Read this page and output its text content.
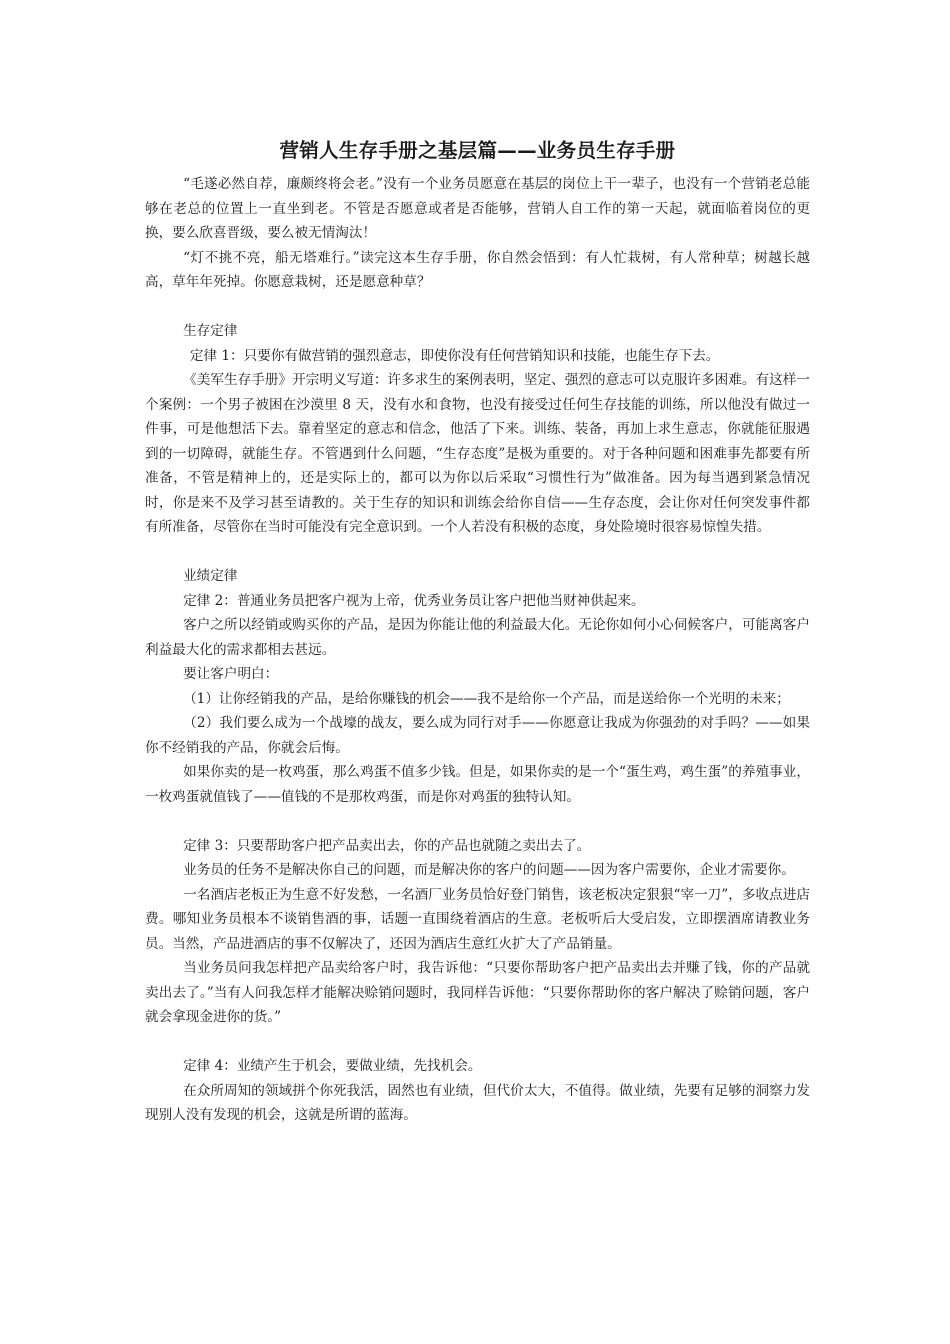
营销人生存手册之基层篇——业务员生存手册

“毛遂必然自荐，廉颇终将会老。”没有一个业务员愿意在基层的岗位上干一辈子，也没有一个营销老总能够在老总的位置上一直坐到老。不管是否愿意或者是否能够，营销人自工作的第一天起，就面临着岗位的更换，要么欣喜晋级，要么被无情淘汰！

“灯不挑不亮，船无塔难行。”读完这本生存手册，你自然会悟到：有人忙栽树，有人常种草；树越长越高，草年年死掉。你愿意栽树，还是愿意种草？

生存定律

定律 1：只要你有做营销的强烈意志，即使你没有任何营销知识和技能，也能生存下去。

《美军生存手册》开宗明义写道：许多求生的案例表明，坚定、强烈的意志可以克服许多困难。有这样一个案例：一个男子被困在沙漠里 8 天，没有水和食物，也没有接受过任何生存技能的训练，所以他没有做过一件事，可是他想活下去。靠着坚定的意志和信念，他活了下来。训练、装备，再加上求生意志，你就能征服遇到的一切障碍，就能生存。不管遇到什么问题，“生存态度”是极为重要的。对于各种问题和困难事先都要有所准备，不管是精神上的，还是实际上的，都可以为你以后采取“习惯性行为”做准备。因为每当遇到紧急情况时，你是来不及学习甚至请教的。关于生存的知识和训练会给你自信——生存态度，会让你对任何突发事件都有所准备，尽管你在当时可能没有完全意识到。一个人若没有积极的态度，身处险境时很容易惊惶失措。

业绩定律

定律 2：普通业务员把客户视为上帝，优秀业务员让客户把他当财神供起来。

客户之所以经销或购买你的产品，是因为你能让他的利益最大化。无论你如何小心伺候客户，可能离客户利益最大化的需求都相去甚远。

要让客户明白：

（1）让你经销我的产品，是给你赚钱的机会——我不是给你一个产品，而是送给你一个光明的未来；

（2）我们要么成为一个战壕的战友，要么成为同行对手——你愿意让我成为你强劲的对手吗？——如果你不经销我的产品，你就会后悔。

如果你卖的是一枚鸡蛋，那么鸡蛋不值多少钱。但是，如果你卖的是一个“蛋生鸡，鸡生蛋”的养殖事业，一枚鸡蛋就值钱了——值钱的不是那枚鸡蛋，而是你对鸡蛋的独特认知。

定律 3：只要帮助客户把产品卖出去，你的产品也就随之卖出去了。

业务员的任务不是解决你自己的问题，而是解决你的客户的问题——因为客户需要你，企业才需要你。

一名酒店老板正为生意不好发愁，一名酒厂业务员恰好登门销售，该老板决定狠狠“宰一刀”，多收点进店费。哪知业务员根本不谈销售酒的事，话题一直围绕着酒店的生意。老板听后大受启发，立即摆酒席请教业务员。当然，产品进酒店的事不仅解决了，还因为酒店生意红火扩大了产品销量。

当业务员问我怎样把产品卖给客户时，我告诉他：“只要你帮助客户把产品卖出去并赚了钱，你的产品就卖出去了。”当有人问我怎样才能解决赊销问题时，我同样告诉他：“只要你帮助你的客户解决了赊销问题，客户就会拿现金进你的货。”

定律 4：业绩产生于机会，要做业绩，先找机会。

在众所周知的领域拼个你死我活，固然也有业绩，但代价太大，不值得。做业绩，先要有足够的洞察力发现别人没有发现的机会，这就是所谓的蓝海。
